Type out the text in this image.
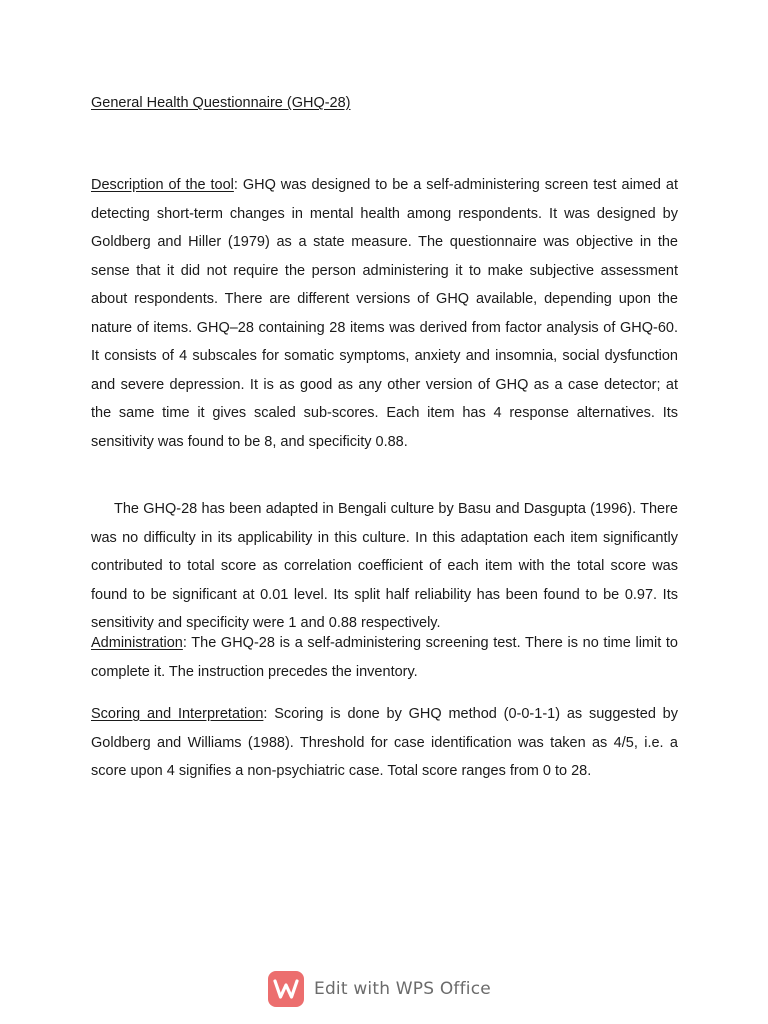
General Health Questionnaire (GHQ-28)

Description of the tool: GHQ was designed to be a self-administering screen test aimed at detecting short-term changes in mental health among respondents. It was designed by Goldberg and Hiller (1979) as a state measure. The questionnaire was objective in the sense that it did not require the person administering it to make subjective assessment about respondents. There are different versions of GHQ available, depending upon the nature of items. GHQ–28 containing 28 items was derived from factor analysis of GHQ-60. It consists of 4 subscales for somatic symptoms, anxiety and insomnia, social dysfunction and severe depression. It is as good as any other version of GHQ as a case detector; at the same time it gives scaled sub-scores. Each item has 4 response alternatives. Its sensitivity was found to be 8, and specificity 0.88.

The GHQ-28 has been adapted in Bengali culture by Basu and Dasgupta (1996). There was no difficulty in its applicability in this culture. In this adaptation each item significantly contributed to total score as correlation coefficient of each item with the total score was found to be significant at 0.01 level. Its split half reliability has been found to be 0.97. Its sensitivity and specificity were 1 and 0.88 respectively.

Administration: The GHQ-28 is a self-administering screening test. There is no time limit to complete it. The instruction precedes the inventory.

Scoring and Interpretation: Scoring is done by GHQ method (0-0-1-1) as suggested by Goldberg and Williams (1988). Threshold for case identification was taken as 4/5, i.e. a score upon 4 signifies a non-psychiatric case. Total score ranges from 0 to 28.

Edit with WPS Office
